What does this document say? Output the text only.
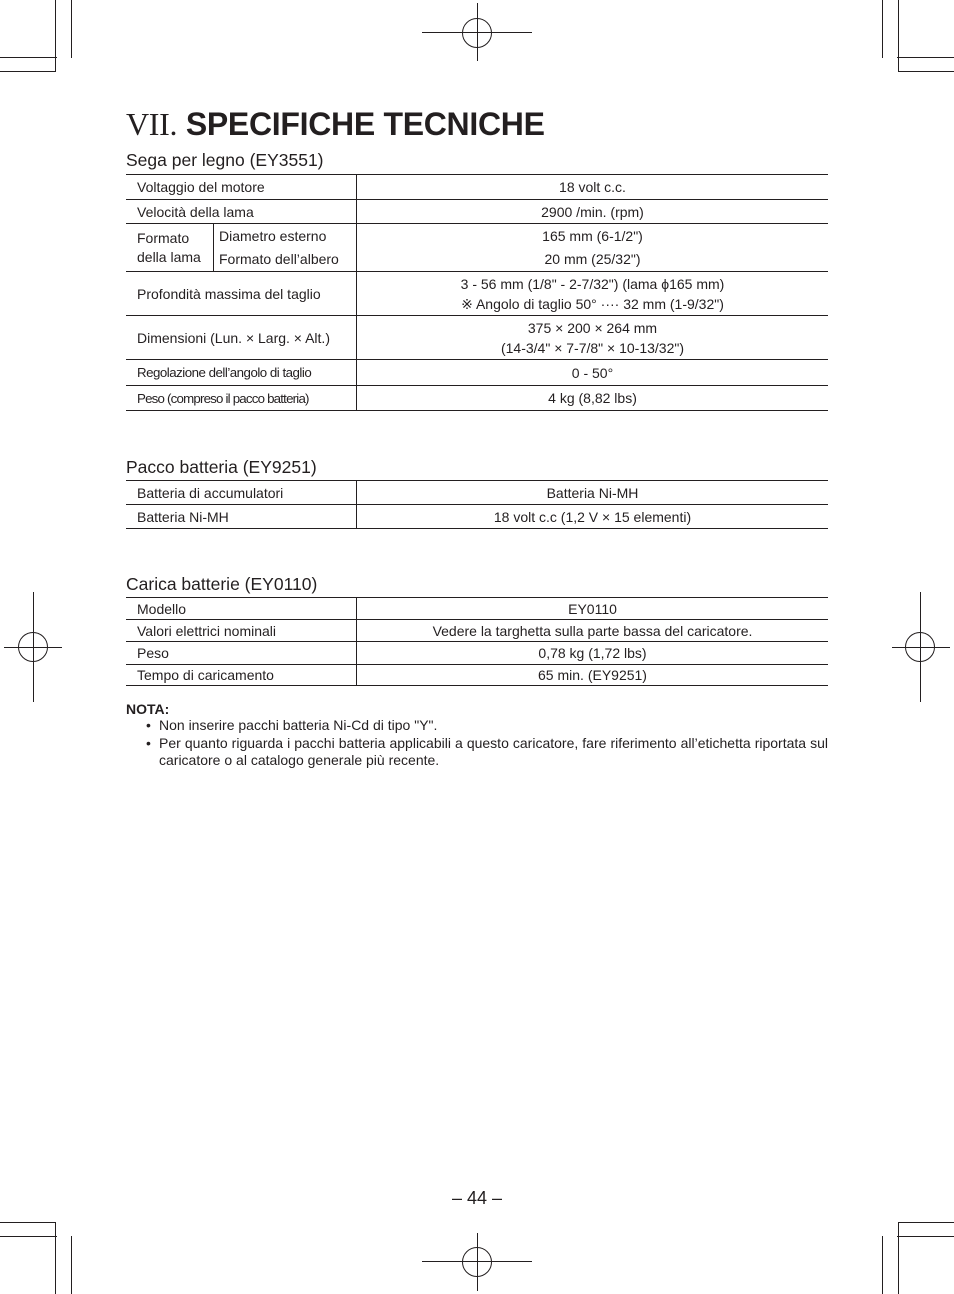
VII. SPECIFICHE TECNICHE
Sega per legno (EY3551)
Voltaggio del motore		18 volt c.c.
Velocità della lama		2900 /min. (rpm)
Formato della lama	Diametro esterno	165 mm (6-1/2")
	Formato dell’albero	20 mm (25/32")
Profondità massima del taglio		3 - 56 mm (1/8" - 2-7/32") (lama ϕ165 mm)
※ Angolo di taglio 50° ···· 32 mm (1-9/32")

Dimensioni (Lun. × Larg. × Alt.)		375 × 200 × 264 mm
(14-3/4" × 7-7/8" × 10-13/32")

Regolazione dell’angolo di taglio		0 - 50°
Peso (compreso il pacco batteria)		4 kg (8,82 lbs)
Pacco batteria (EY9251)
Batteria di accumulatori	Batteria Ni-MH
Batteria Ni-MH	18 volt c.c (1,2 V × 15 elementi)
Carica batterie (EY0110)
Modello	EY0110
Valori elettrici nominali	Vedere la targhetta sulla parte bassa del caricatore.
Peso	0,78 kg (1,72 lbs)
Tempo di caricamento	65 min. (EY9251)
NOTA:
• Non inserire pacchi batteria Ni-Cd di tipo "Y".
• Per quanto riguarda i pacchi batteria applicabili a questo caricatore, fare riferimento all’etichetta riportata sul caricatore o al catalogo generale più recente.
– 44 –
